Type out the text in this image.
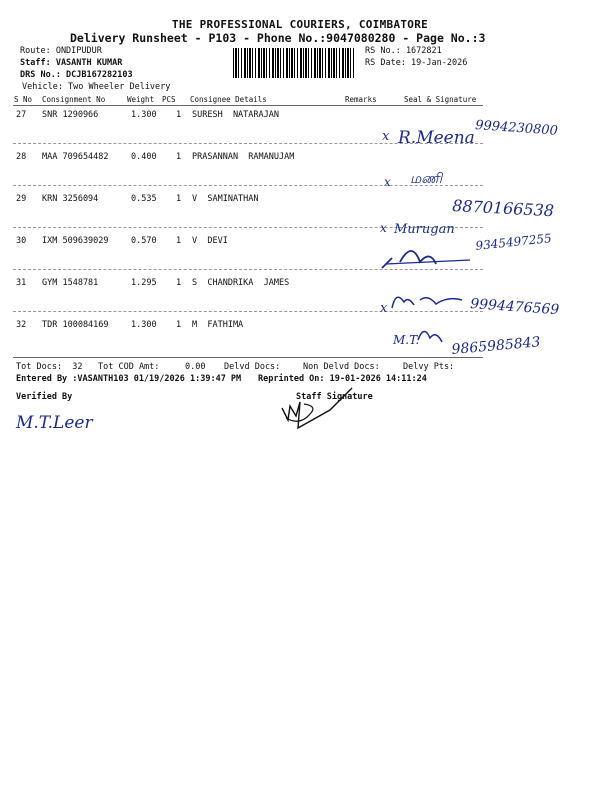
THE PROFESSIONAL COURIERS, COIMBATORE
Delivery Runsheet - P103 - Phone No.:9047080280 - Page No.:3
Route: ONDIPUDUR
Staff: VASANTH KUMAR
DRS No.: DCJB167282103
Vehicle: Two Wheeler Delivery
RS No.: 1672821
RS Date: 19-Jan-2026
S No Consignment No	Weight PCS Consignee Details	Remarks	Seal & Signature
27 SNR 1290966	1.300 1 SURESH  NATARAJAN
28 MAA 709654482	0.400 1 PRASANNAN  RAMANUJAM
29 KRN 3256094	0.535 1 V  SAMINATHAN
30 IXM 509639029	0.570 1 V  DEVI
31 GYM 1548781	1.295 1 S  CHANDRIKA  JAMES
32 TDR 100084169	1.300 1 M  FATHIMA
Tot Docs:  32 Tot COD Amt:     0.00 Delvd Docs:	Non Delvd Docs:	Delvy Pts:
Entered By :VASANTH103 01/19/2026 1:39:47 PM Reprinted On: 19-01-2026 14:11:24
Verified By	Staff Signature
x R.Meena 9994230800
x மணி
8870166538
x Murugan
9345497255
x	9994476569
M.T. 9865985843
M.T.Leer
